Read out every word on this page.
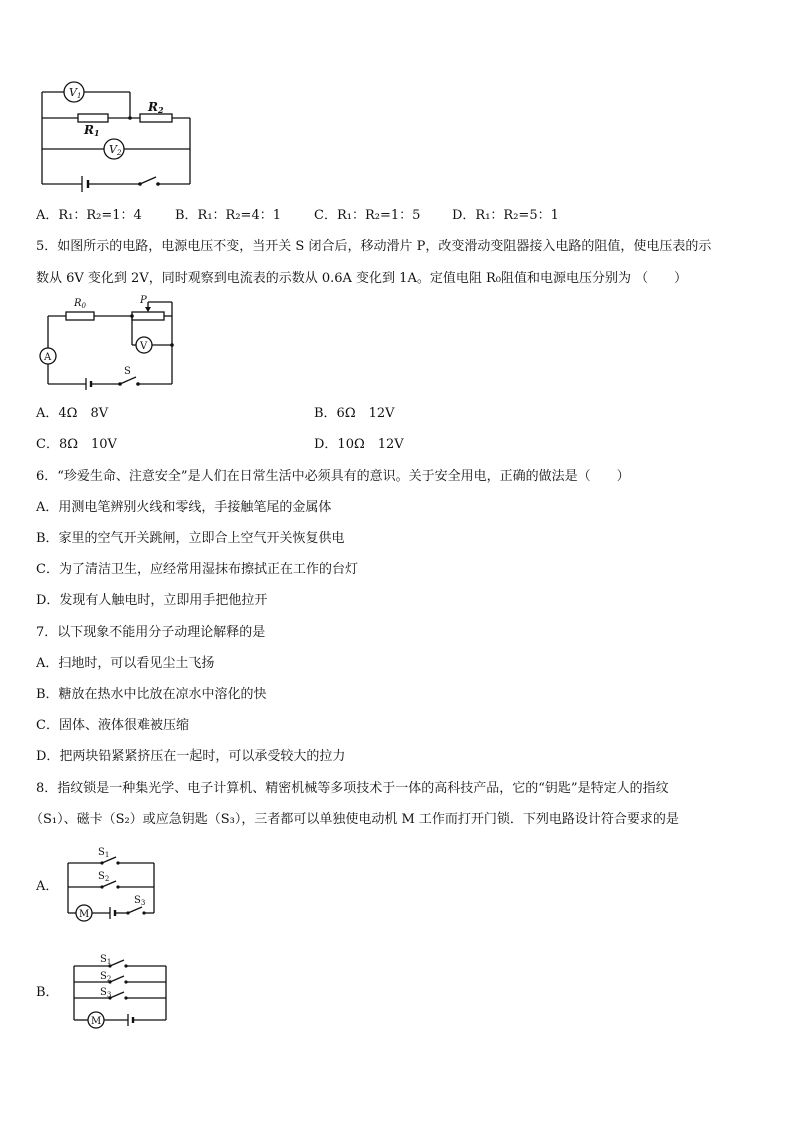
V1
R2
R1
V2
A．R₁：R₂=1：4	B．R₁：R₂=4：1	C．R₁：R₂=1：5 D．R₁：R₂=5：1
5．如图所示的电路，电源电压不变，当开关 S 闭合后，移动滑片 P，改变滑动变阻器接入电路的阻值，使电压表的示
数从 6V 变化到 2V，同时观察到电流表的示数从 0.6A 变化到 1A。定值电阻 R₀阻值和电源电压分别为 （　　）
A
$R_0$	P
V
S
A．4Ω　8V	B．6Ω　12V
C．8Ω　10V	D．10Ω　12V
6．“珍爱生命、注意安全”是人们在日常生活中必须具有的意识。关于安全用电，正确的做法是（　　）
A．用测电笔辨别火线和零线，手接触笔尾的金属体
B．家里的空气开关跳闸，立即合上空气开关恢复供电
C．为了清洁卫生，应经常用湿抹布擦拭正在工作的台灯
D．发现有人触电时，立即用手把他拉开
7．以下现象不能用分子动理论解释的是
A．扫地时，可以看见尘土飞扬
B．糖放在热水中比放在凉水中溶化的快
C．固体、液体很难被压缩
D．把两块铅紧紧挤压在一起时，可以承受较大的拉力
8．指纹锁是一种集光学、电子计算机、精密机械等多项技术于一体的高科技产品，它的“钥匙”是特定人的指纹
（S₁）、磁卡（S₂）或应急钥匙（S₃），三者都可以单独使电动机 M 工作而打开门锁．下列电路设计符合要求的是
A．
$S_1$
$S_2$
M
$S_3$
B．
$S_1$
$S_2$
$S_3$
M
